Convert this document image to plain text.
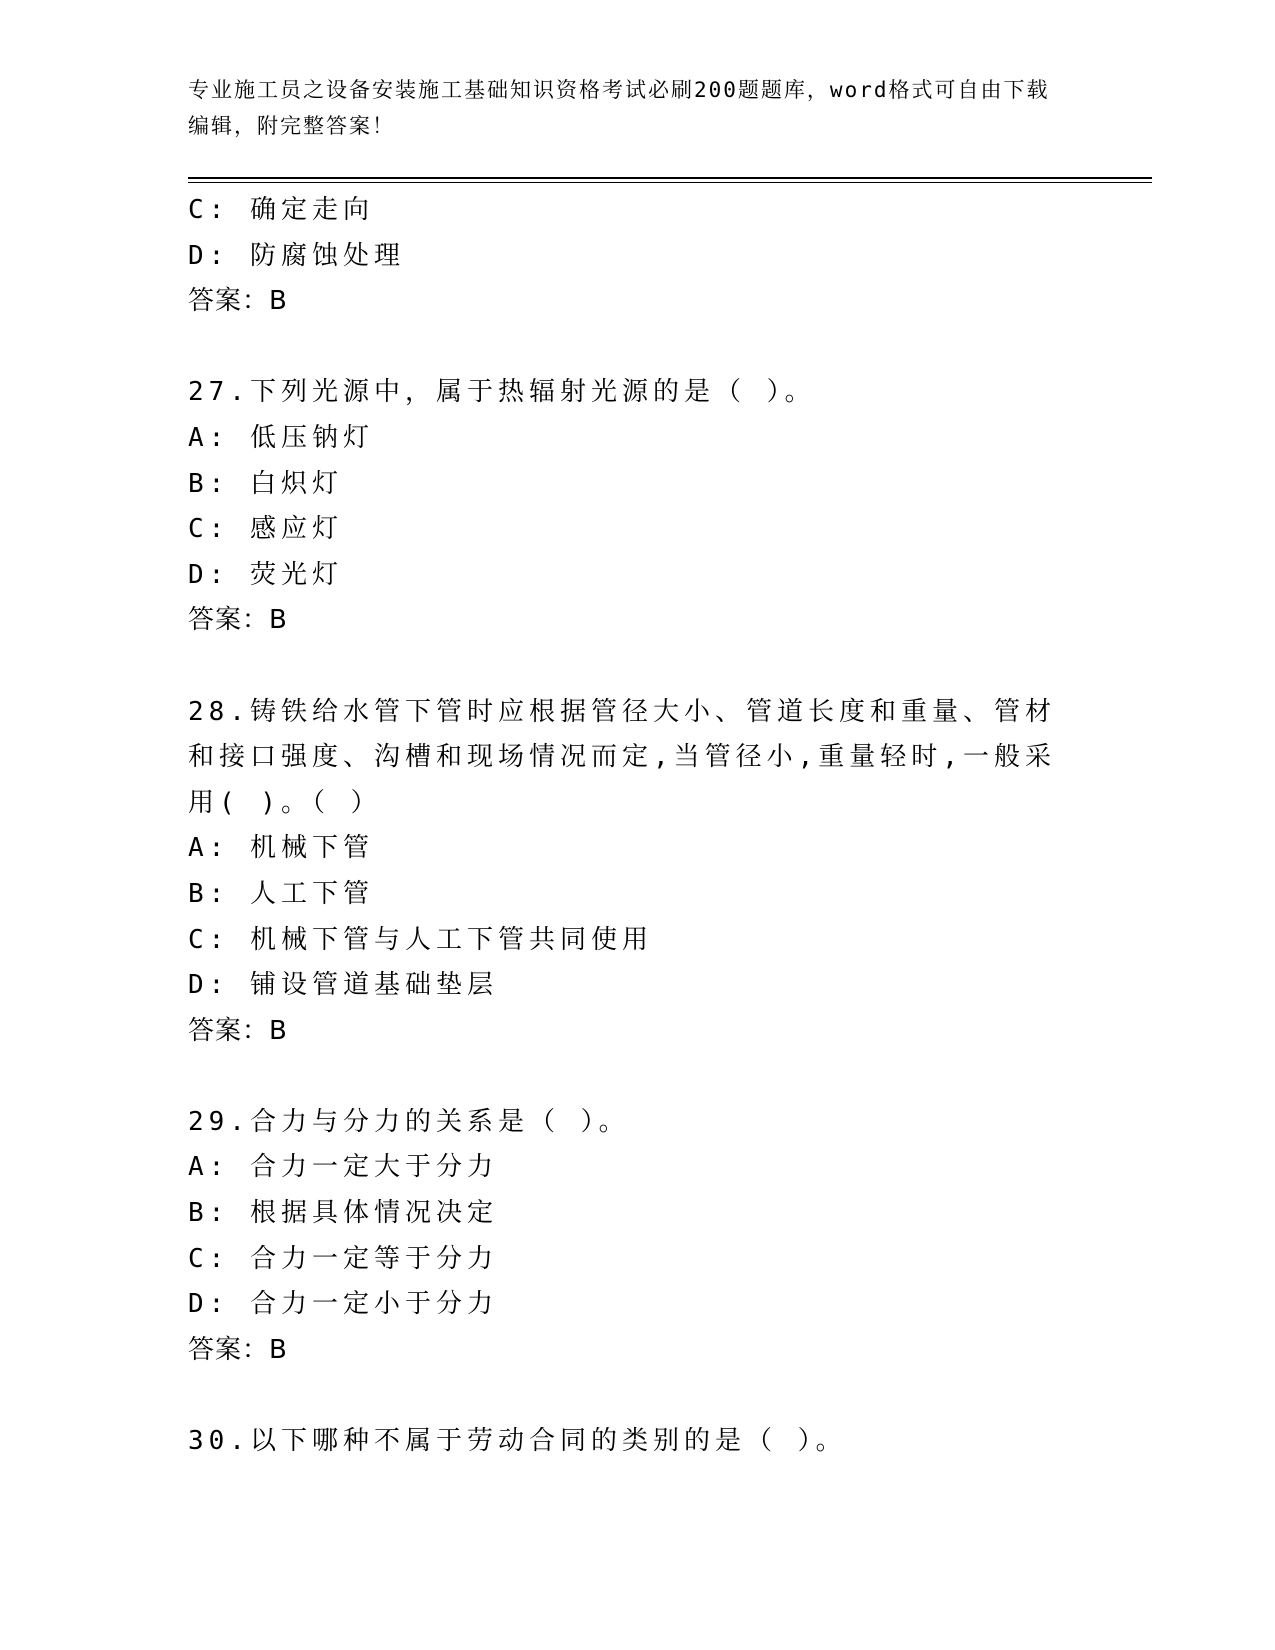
专业施工员之设备安装施工基础知识资格考试必刷200题题库，word格式可自由下载编辑，附完整答案！
C: 确定走向
D: 防腐蚀处理
答案：B
27.下列光源中，属于热辐射光源的是（ ）。
A: 低压钠灯
B: 白炽灯
C: 感应灯
D: 荧光灯
答案：B
28.铸铁给水管下管时应根据管径大小、管道长度和重量、管材和接口强度、沟槽和现场情况而定,当管径小,重量轻时,一般采用( )。（ ）
A: 机械下管
B: 人工下管
C: 机械下管与人工下管共同使用
D: 铺设管道基础垫层
答案：B
29.合力与分力的关系是（ ）。
A: 合力一定大于分力
B: 根据具体情况决定
C: 合力一定等于分力
D: 合力一定小于分力
答案：B
30.以下哪种不属于劳动合同的类别的是（ ）。
